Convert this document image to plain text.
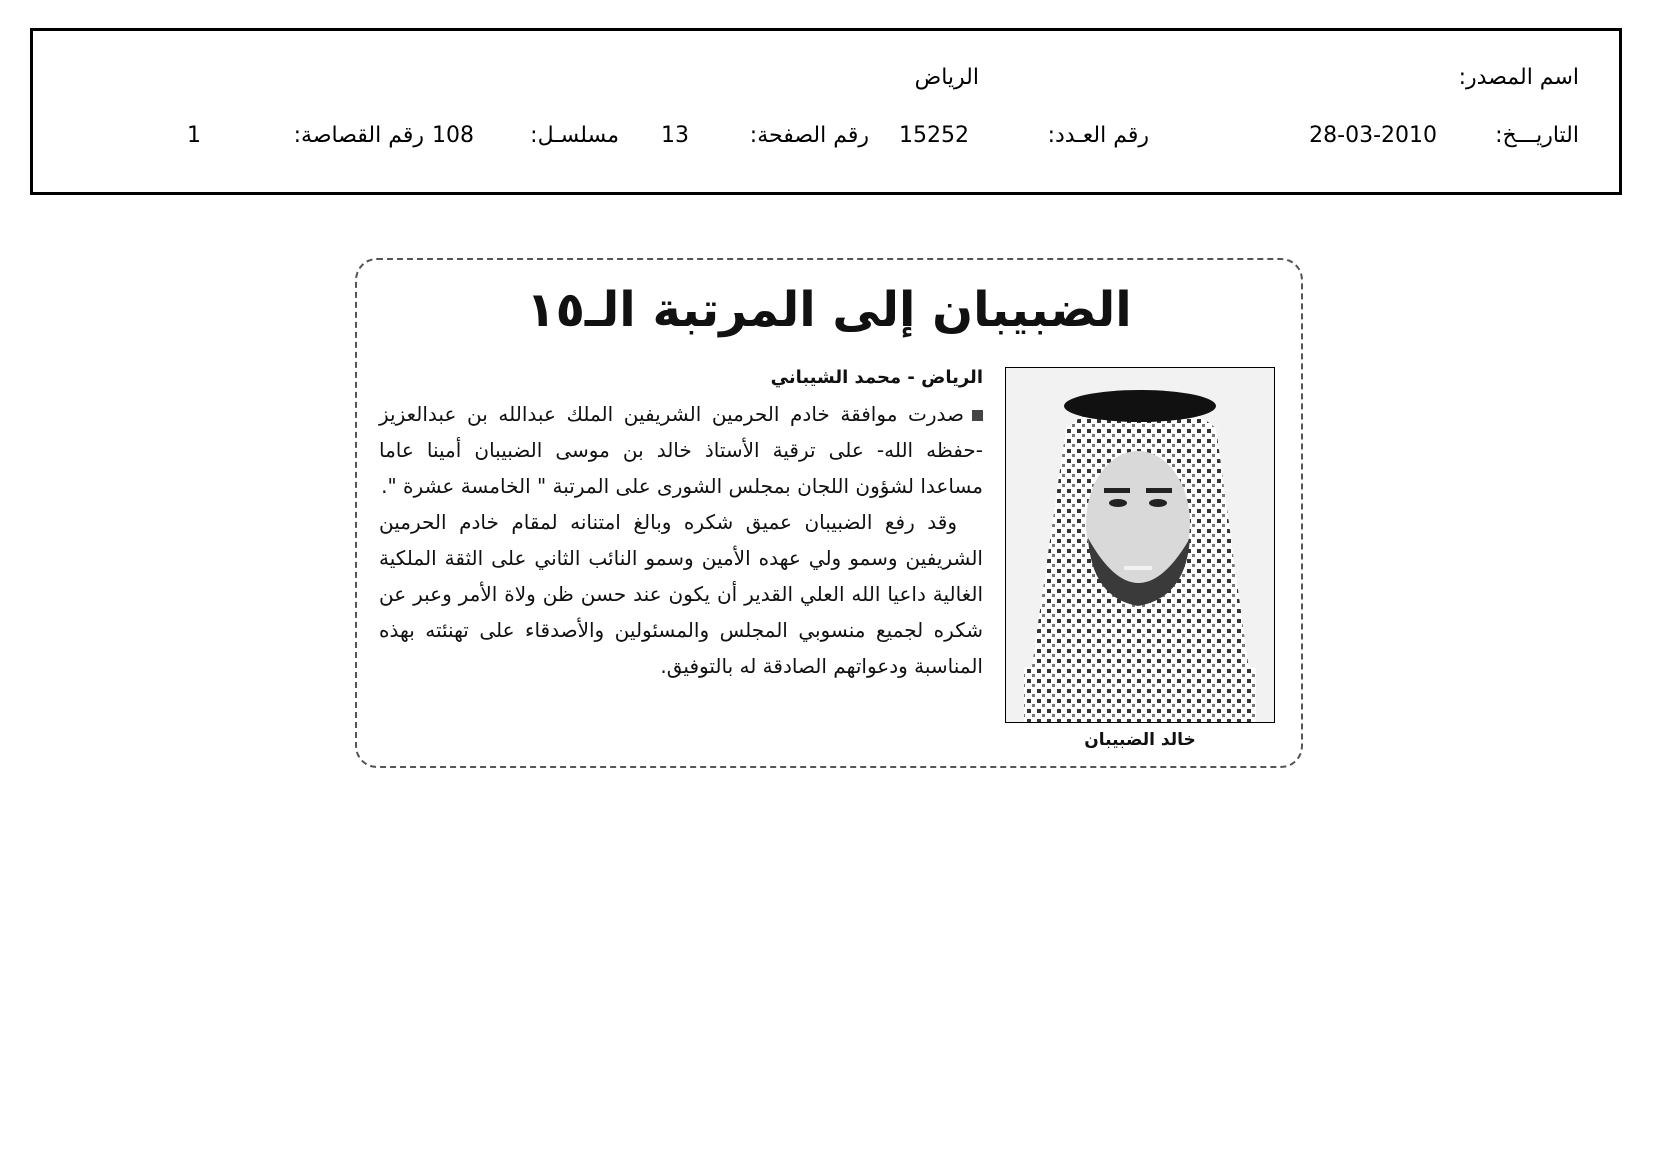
اسم المصدر:
الرياض
التاريـــخ:
28-03-2010
رقم العـدد:
15252
رقم الصفحة:
13
مسلسـل:
108
رقم القصاصة:
1
الضبيبان إلى المرتبة الـ١٥
خالد الضبيبان
الرياض - محمد الشيباني

صدرت موافقة خادم الحرمين الشريفين الملك عبدالله بن عبدالعزيز -حفظه الله- على ترقية الأستاذ خالد بن موسى الضبيبان أمينا عاما مساعدا لشؤون اللجان بمجلس الشورى على المرتبة " الخامسة عشرة ".

وقد رفع الضبيبان عميق شكره وبالغ امتنانه لمقام خادم الحرمين الشريفين وسمو ولي عهده الأمين وسمو النائب الثاني على الثقة الملكية الغالية داعيا الله العلي القدير أن يكون عند حسن ظن ولاة الأمر وعبر عن شكره لجميع منسوبي المجلس والمسئولين والأصدقاء على تهنئته بهذه المناسبة ودعواتهم الصادقة له بالتوفيق.
